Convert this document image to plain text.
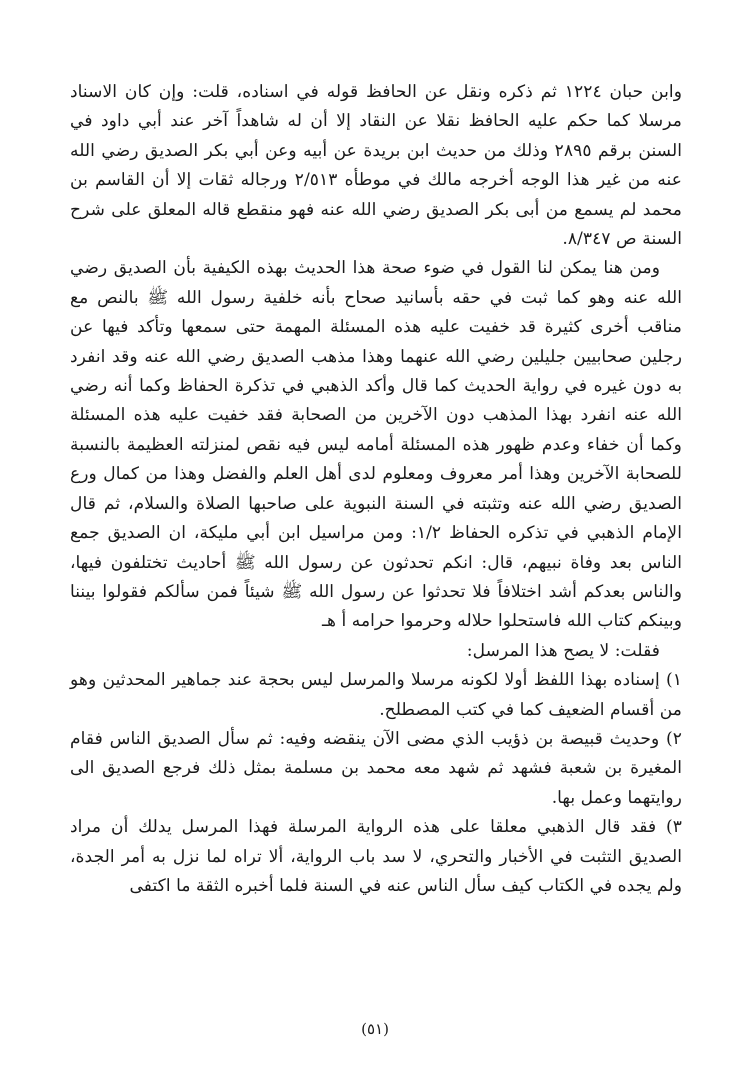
وابن حبان ١٢٢٤ ثم ذكره ونقل عن الحافظ قوله في اسناده، قلت: وإن كان الاسناد مرسلا كما حكم عليه الحافظ نقلا عن النقاد إلا أن له شاهداً آخر عند أبي داود في السنن برقم ٢٨٩٥ وذلك من حديث ابن بريدة عن أبيه وعن أبي بكر الصديق رضي الله عنه من غير هذا الوجه أخرجه مالك في موطأه ٢/٥١٣ ورجاله ثقات إلا أن القاسم بن محمد لم يسمع من أبى بكر الصديق رضي الله عنه فهو منقطع قاله المعلق على شرح السنة ص ٨/٣٤٧.

ومن هنا يمكن لنا القول في ضوء صحة هذا الحديث بهذه الكيفية بأن الصديق رضي الله عنه وهو كما ثبت في حقه بأسانيد صحاح بأنه خلفية رسول الله ﷺ بالنص مع مناقب أخرى كثيرة قد خفيت عليه هذه المسئلة المهمة حتى سمعها وتأكد فيها عن رجلين صحابيين جليلين رضي الله عنهما وهذا مذهب الصديق رضي الله عنه وقد انفرد به دون غيره في رواية الحديث كما قال وأكد الذهبي في تذكرة الحفاظ وكما أنه رضي الله عنه انفرد بهذا المذهب دون الآخرين من الصحابة فقد خفيت عليه هذه المسئلة وكما أن خفاء وعدم ظهور هذه المسئلة أمامه ليس فيه نقص لمنزلته العظيمة بالنسبة للصحابة الآخرين وهذا أمر معروف ومعلوم لدى أهل العلم والفضل وهذا من كمال ورع الصديق رضي الله عنه وتثبته في السنة النبوية على صاحبها الصلاة والسلام، ثم قال الإمام الذهبي في تذكره الحفاظ ١/٢: ومن مراسيل ابن أبي مليكة، ان الصديق جمع الناس بعد وفاة نبيهم، قال: انكم تحدثون عن رسول الله ﷺ أحاديث تختلفون فيها، والناس بعدكم أشد اختلافاً فلا تحدثوا عن رسول الله ﷺ شيئاً فمن سألكم فقولوا بيننا وبينكم كتاب الله فاستحلوا حلاله وحرموا حرامه أ هـ

فقلت: لا يصح هذا المرسل:

١) إسناده بهذا اللفظ أولا لكونه مرسلا والمرسل ليس بحجة عند جماهير المحدثين وهو من أقسام الضعيف كما في كتب المصطلح.

٢) وحديث قبيصة بن ذؤيب الذي مضى الآن ينقضه وفيه: ثم سأل الصديق الناس فقام المغيرة بن شعبة فشهد ثم شهد معه محمد بن مسلمة بمثل ذلك فرجع الصديق الى روايتهما وعمل بها.

٣) فقد قال الذهبي معلقا على هذه الرواية المرسلة فهذا المرسل يدلك أن مراد الصديق التثبت في الأخبار والتحري، لا سد باب الرواية، ألا تراه لما نزل به أمر الجدة، ولم يجده في الكتاب كيف سأل الناس عنه في السنة فلما أخبره الثقة ما اكتفى

(٥١)
